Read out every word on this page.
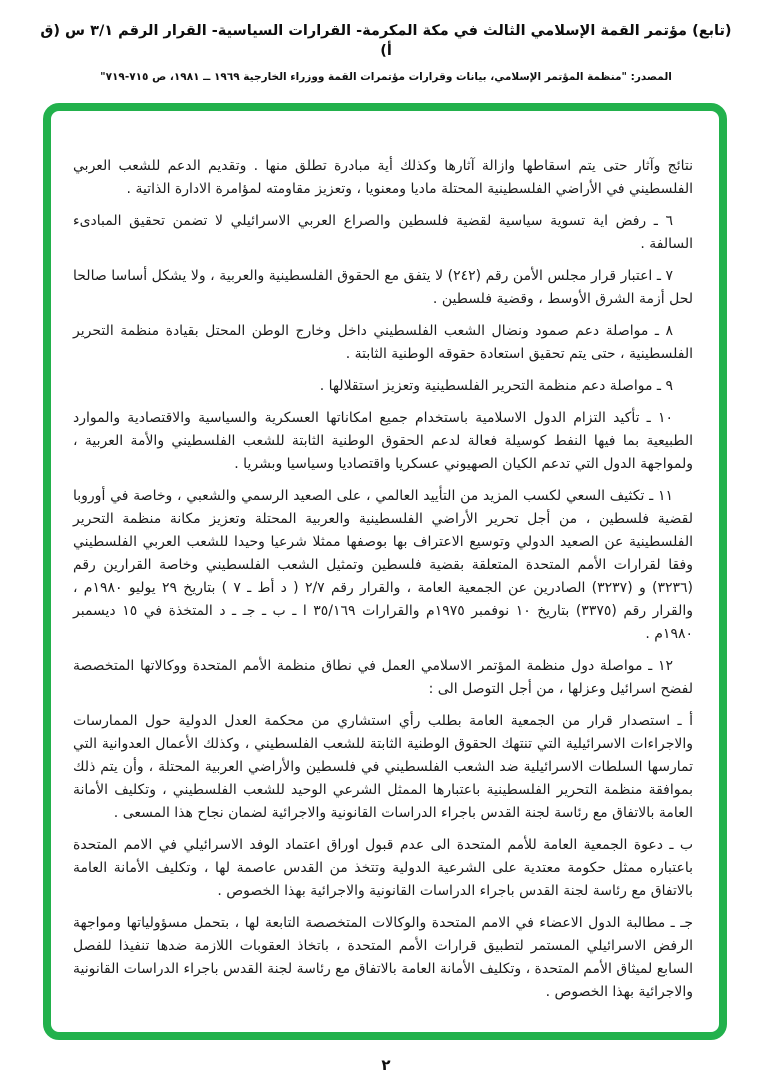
(تابع) مؤتمر القمة الإسلامي الثالث في مكة المكرمة- القرارات السياسية- القرار الرقم ٣/١ س (ق أ)
المصدر: "منظمة المؤتمر الإسلامي، بيانات وقرارات مؤتمرات القمة ووزراء الخارجية ١٩٦٩ ــ ١٩٨١، ص ٧١٥-٧١٩"

نتائج وآثار حتى يتم اسقاطها وازالة آثارها وكذلك أية مبادرة تطلق منها . وتقديم الدعم للشعب العربي الفلسطيني في الأراضي الفلسطينية المحتلة ماديا ومعنويا ، وتعزيز مقاومته لمؤامرة الادارة الذاتية .

٦ ـ رفض اية تسوية سياسية لقضية فلسطين والصراع العربي الاسرائيلي لا تضمن تحقيق المبادىء السالفة .

٧ ـ اعتبار قرار مجلس الأمن رقم (٢٤٢) لا يتفق مع الحقوق الفلسطينية والعربية ، ولا يشكل أساسا صالحا لحل أزمة الشرق الأوسط ، وقضية فلسطين .

٨ ـ مواصلة دعم صمود ونضال الشعب الفلسطيني داخل وخارج الوطن المحتل بقيادة منظمة التحرير الفلسطينية ، حتى يتم تحقيق استعادة حقوقه الوطنية الثابتة .

٩ ـ مواصلة دعم منظمة التحرير الفلسطينية وتعزيز استقلالها .

١٠ ـ تأكيد التزام الدول الاسلامية باستخدام جميع امكاناتها العسكرية والسياسية والاقتصادية والموارد الطبيعية بما فيها النفط كوسيلة فعالة لدعم الحقوق الوطنية الثابتة للشعب الفلسطيني والأمة العربية ، ولمواجهة الدول التي تدعم الكيان الصهيوني عسكريا واقتصاديا وسياسيا وبشريا .

١١ ـ تكثيف السعي لكسب المزيد من التأييد العالمي ، على الصعيد الرسمي والشعبي ، وخاصة في أوروبا لقضية فلسطين ، من أجل تحرير الأراضي الفلسطينية والعربية المحتلة وتعزيز مكانة منظمة التحرير الفلسطينية عن الصعيد الدولي وتوسيع الاعتراف بها بوصفها ممثلا شرعيا وحيدا للشعب العربي الفلسطيني وفقا لقرارات الأمم المتحدة المتعلقة بقضية فلسطين وتمثيل الشعب الفلسطيني وخاصة القرارين رقم (٣٢٣٦) و (٣٢٣٧) الصادرين عن الجمعية العامة ، والقرار رقم ٢/٧ ( د أط ـ ٧ ) بتاريخ ٢٩ يوليو ١٩٨٠م ، والقرار رقم (٣٣٧٥) بتاريخ ١٠ نوفمبر ١٩٧٥م والقرارات ٣٥/١٦٩ ا ـ ب ـ جـ ـ د المتخذة في ١٥ ديسمبر ١٩٨٠م .

١٢ ـ مواصلة دول منظمة المؤتمر الاسلامي العمل في نطاق منظمة الأمم المتحدة ووكالاتها المتخصصة لفضح اسرائيل وعزلها ، من أجل التوصل الى :

أ ـ استصدار قرار من الجمعية العامة بطلب رأي استشاري من محكمة العدل الدولية حول الممارسات والاجراءات الاسرائيلية التي تنتهك الحقوق الوطنية الثابتة للشعب الفلسطيني ، وكذلك الأعمال العدوانية التي تمارسها السلطات الاسرائيلية ضد الشعب الفلسطيني في فلسطين والأراضي العربية المحتلة ، وأن يتم ذلك بموافقة منظمة التحرير الفلسطينية باعتبارها الممثل الشرعي الوحيد للشعب الفلسطيني ، وتكليف الأمانة العامة بالاتفاق مع رئاسة لجنة القدس باجراء الدراسات القانونية والاجرائية لضمان نجاح هذا المسعى .

ب ـ دعوة الجمعية العامة للأمم المتحدة الى عدم قبول اوراق اعتماد الوفد الاسرائيلي في الامم المتحدة باعتباره ممثل حكومة معتدية على الشرعية الدولية وتتخذ من القدس عاصمة لها ، وتكليف الأمانة العامة بالاتفاق مع رئاسة لجنة القدس باجراء الدراسات القانونية والاجرائية بهذا الخصوص .

جـ ـ مطالبة الدول الاعضاء في الامم المتحدة والوكالات المتخصصة التابعة لها ، بتحمل مسؤولياتها ومواجهة الرفض الاسرائيلي المستمر لتطبيق قرارات الأمم المتحدة ، باتخاذ العقوبات اللازمة ضدها تنفيذا للفصل السابع لميثاق الأمم المتحدة ، وتكليف الأمانة العامة بالاتفاق مع رئاسة لجنة القدس باجراء الدراسات القانونية والاجرائية بهذا الخصوص .

٢
